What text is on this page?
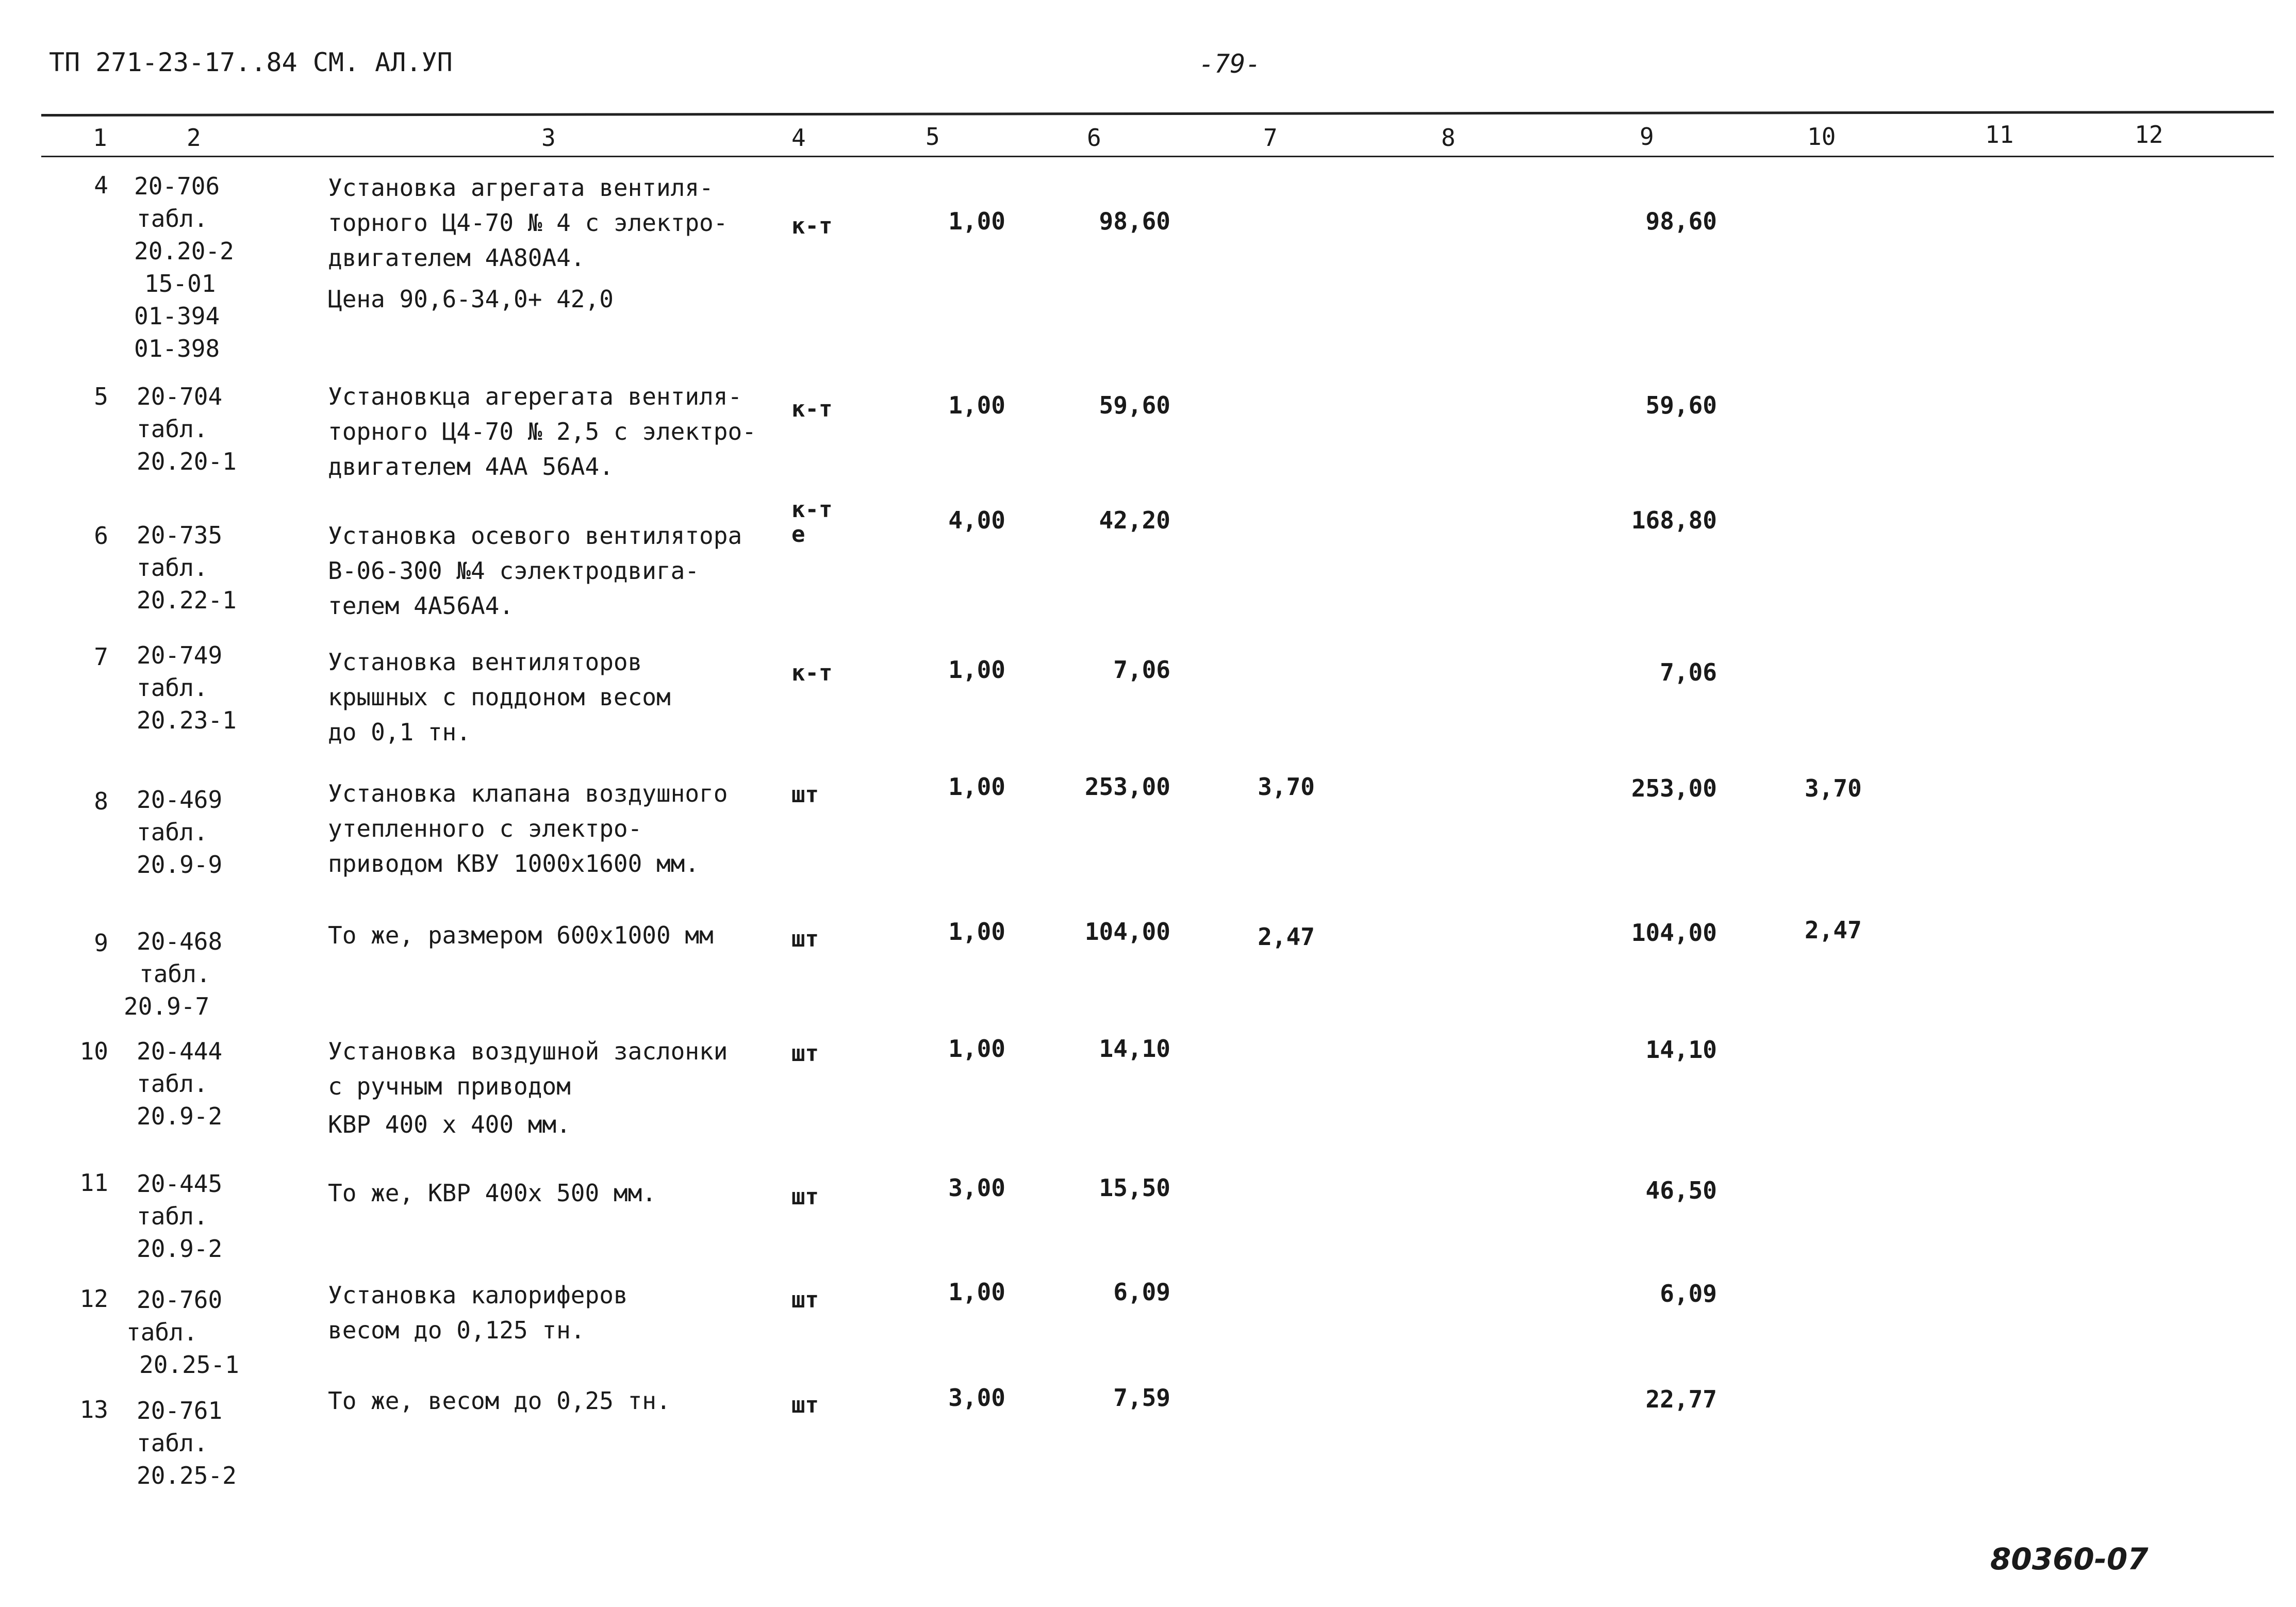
ТП 271-23-17..84 СМ. АЛ.УП	-79-
1	2	3	4	5	6	7	8	9	10	11	12
4 20-706
табл.
20.20-2
15-01
01-394
01-398
Установка агрегата вентиля-
торного Ц4-70 № 4 с электро-
двигателем 4А80А4.
Цена 90,6-34,0+ 42,0
к-т	1,00	98,60	98,60
5 20-704
табл.
20.20-1
Установкца агерегата вентиля-
торного Ц4-70 № 2,5 с электро-
двигателем 4АА 56А4.
к-т	1,00	59,60	59,60
6 20-735
табл.
20.22-1
Установка осевого вентилятора
В-06-300 №4 сэлектродвига-
телем 4А56А4.
к-т
е
4,00	42,20	168,80
7 20-749
табл.
20.23-1
Установка вентиляторов
крышных с поддоном весом
до 0,1 тн.
к-т	1,00	7,06	7,06
8 20-469
табл.
20.9-9
Установка клапана воздушного
утепленного с электро-
приводом КВУ 1000х1600 мм.
шт	1,00	253,00	3,70	253,00	3,70
9 20-468
табл.
20.9-7
То же, размером 600х1000 мм	шт	1,00	104,00	2,47	104,00	2,47
10 20-444
табл.
20.9-2
Установка воздушной заслонки
с ручным приводом
КВР 400 х 400 мм.
шт	1,00	14,10	14,10
11 20-445
табл.
20.9-2
То же, КВР 400х 500 мм.	шт	3,00	15,50	46,50
12	20-760
табл.
20.25-1
Установка калориферов
весом до 0,125 тн.
шт	1,00	6,09	6,09
13 20-761
табл.
20.25-2
То же, весом до 0,25 тн.	шт	3,00	7,59	22,77
80360-07
